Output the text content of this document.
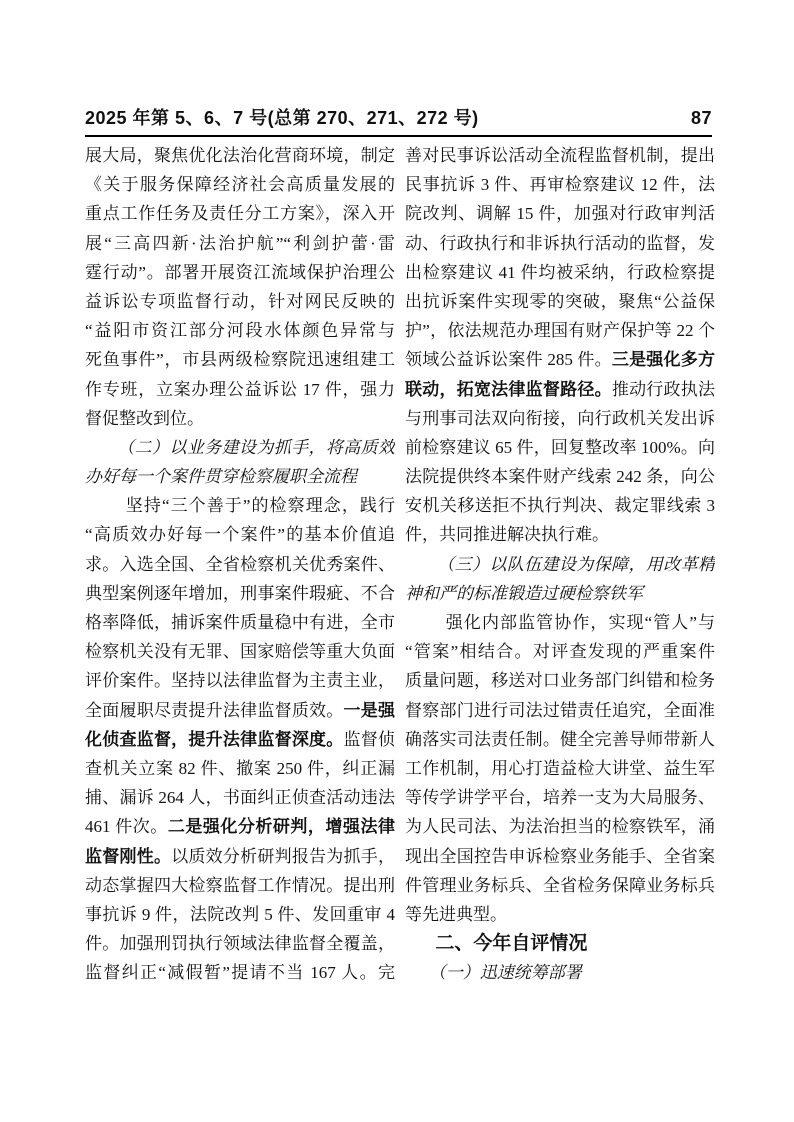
2025 年第 5、6、7 号(总第 270、271、272 号)	87
展大局，聚焦优化法治化营商环境，制定
《关于服务保障经济社会高质量发展的
重点工作任务及责任分工方案》，深入开
展“三高四新·法治护航”“利剑护蕾·雷
霆行动”。部署开展资江流域保护治理公
益诉讼专项监督行动，针对网民反映的
“益阳市资江部分河段水体颜色异常与
死鱼事件”，市县两级检察院迅速组建工
作专班，立案办理公益诉讼 17 件，强力
督促整改到位。
（二）以业务建设为抓手，将高质效
办好每一个案件贯穿检察履职全流程
坚持“三个善于”的检察理念，践行
“高质效办好每一个案件”的基本价值追
求。入选全国、全省检察机关优秀案件、
典型案例逐年增加，刑事案件瑕疵、不合
格率降低，捕诉案件质量稳中有进，全市
检察机关没有无罪、国家赔偿等重大负面
评价案件。坚持以法律监督为主责主业，
全面履职尽责提升法律监督质效。一是强
化侦查监督，提升法律监督深度。监督侦
查机关立案 82 件、撤案 250 件，纠正漏
捕、漏诉 264 人，书面纠正侦查活动违法
461 件次。二是强化分析研判，增强法律
监督刚性。以质效分析研判报告为抓手，
动态掌握四大检察监督工作情况。提出刑
事抗诉 9 件，法院改判 5 件、发回重审 4
件。加强刑罚执行领域法律监督全覆盖，
监督纠正“减假暂”提请不当 167 人。完
善对民事诉讼活动全流程监督机制，提出
民事抗诉 3 件、再审检察建议 12 件，法
院改判、调解 15 件，加强对行政审判活
动、行政执行和非诉执行活动的监督，发
出检察建议 41 件均被采纳，行政检察提
出抗诉案件实现零的突破，聚焦“公益保
护”，依法规范办理国有财产保护等 22 个
领域公益诉讼案件 285 件。三是强化多方
联动，拓宽法律监督路径。推动行政执法
与刑事司法双向衔接，向行政机关发出诉
前检察建议 65 件，回复整改率 100%。向
法院提供终本案件财产线索 242 条，向公
安机关移送拒不执行判决、裁定罪线索 3
件，共同推进解决执行难。
（三）以队伍建设为保障，用改革精
神和严的标准锻造过硬检察铁军
强化内部监管协作，实现“管人”与
“管案”相结合。对评查发现的严重案件
质量问题，移送对口业务部门纠错和检务
督察部门进行司法过错责任追究，全面准
确落实司法责任制。健全完善导师带新人
工作机制，用心打造益检大讲堂、益生军
等传学讲学平台，培养一支为大局服务、
为人民司法、为法治担当的检察铁军，涌
现出全国控告申诉检察业务能手、全省案
件管理业务标兵、全省检务保障业务标兵
等先进典型。
二、今年自评情况
（一）迅速统筹部署
